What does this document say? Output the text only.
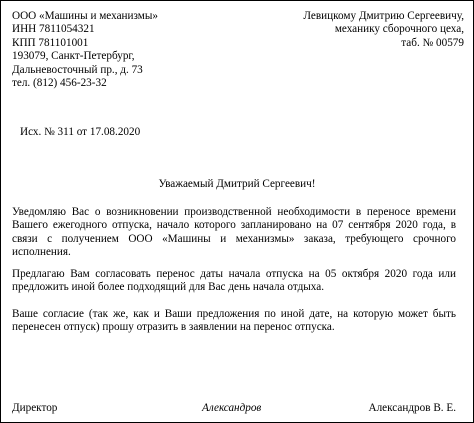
ООО «Машины и механизмы»
ИНН 7811054321
КПП 781101001
193079, Санкт-Петербург,
Дальневосточный пр., д. 73
тел. (812) 456-23-32
Левицкому Дмитрию Сергеевичу,
механику сборочного цеха,
таб. № 00579
Исх. № 311 от 17.08.2020
Уважаемый Дмитрий Сергеевич!
Уведомляю Вас о возникновении производственной необходимости в переносе времени Вашего ежегодного отпуска, начало которого запланировано на 07 сентября 2020 года, в связи с получением ООО «Машины и механизмы» заказа, требующего срочного исполнения.
Предлагаю Вам согласовать перенос даты начала отпуска на 05 октября 2020 года или предложить иной более подходящий для Вас день начала отдыха.
Ваше согласие (так же, как и Ваши предложения по иной дате, на которую может быть перенесен отпуск) прошу отразить в заявлении на перенос отпуска.
Директор	Александров	Александров В. Е.
